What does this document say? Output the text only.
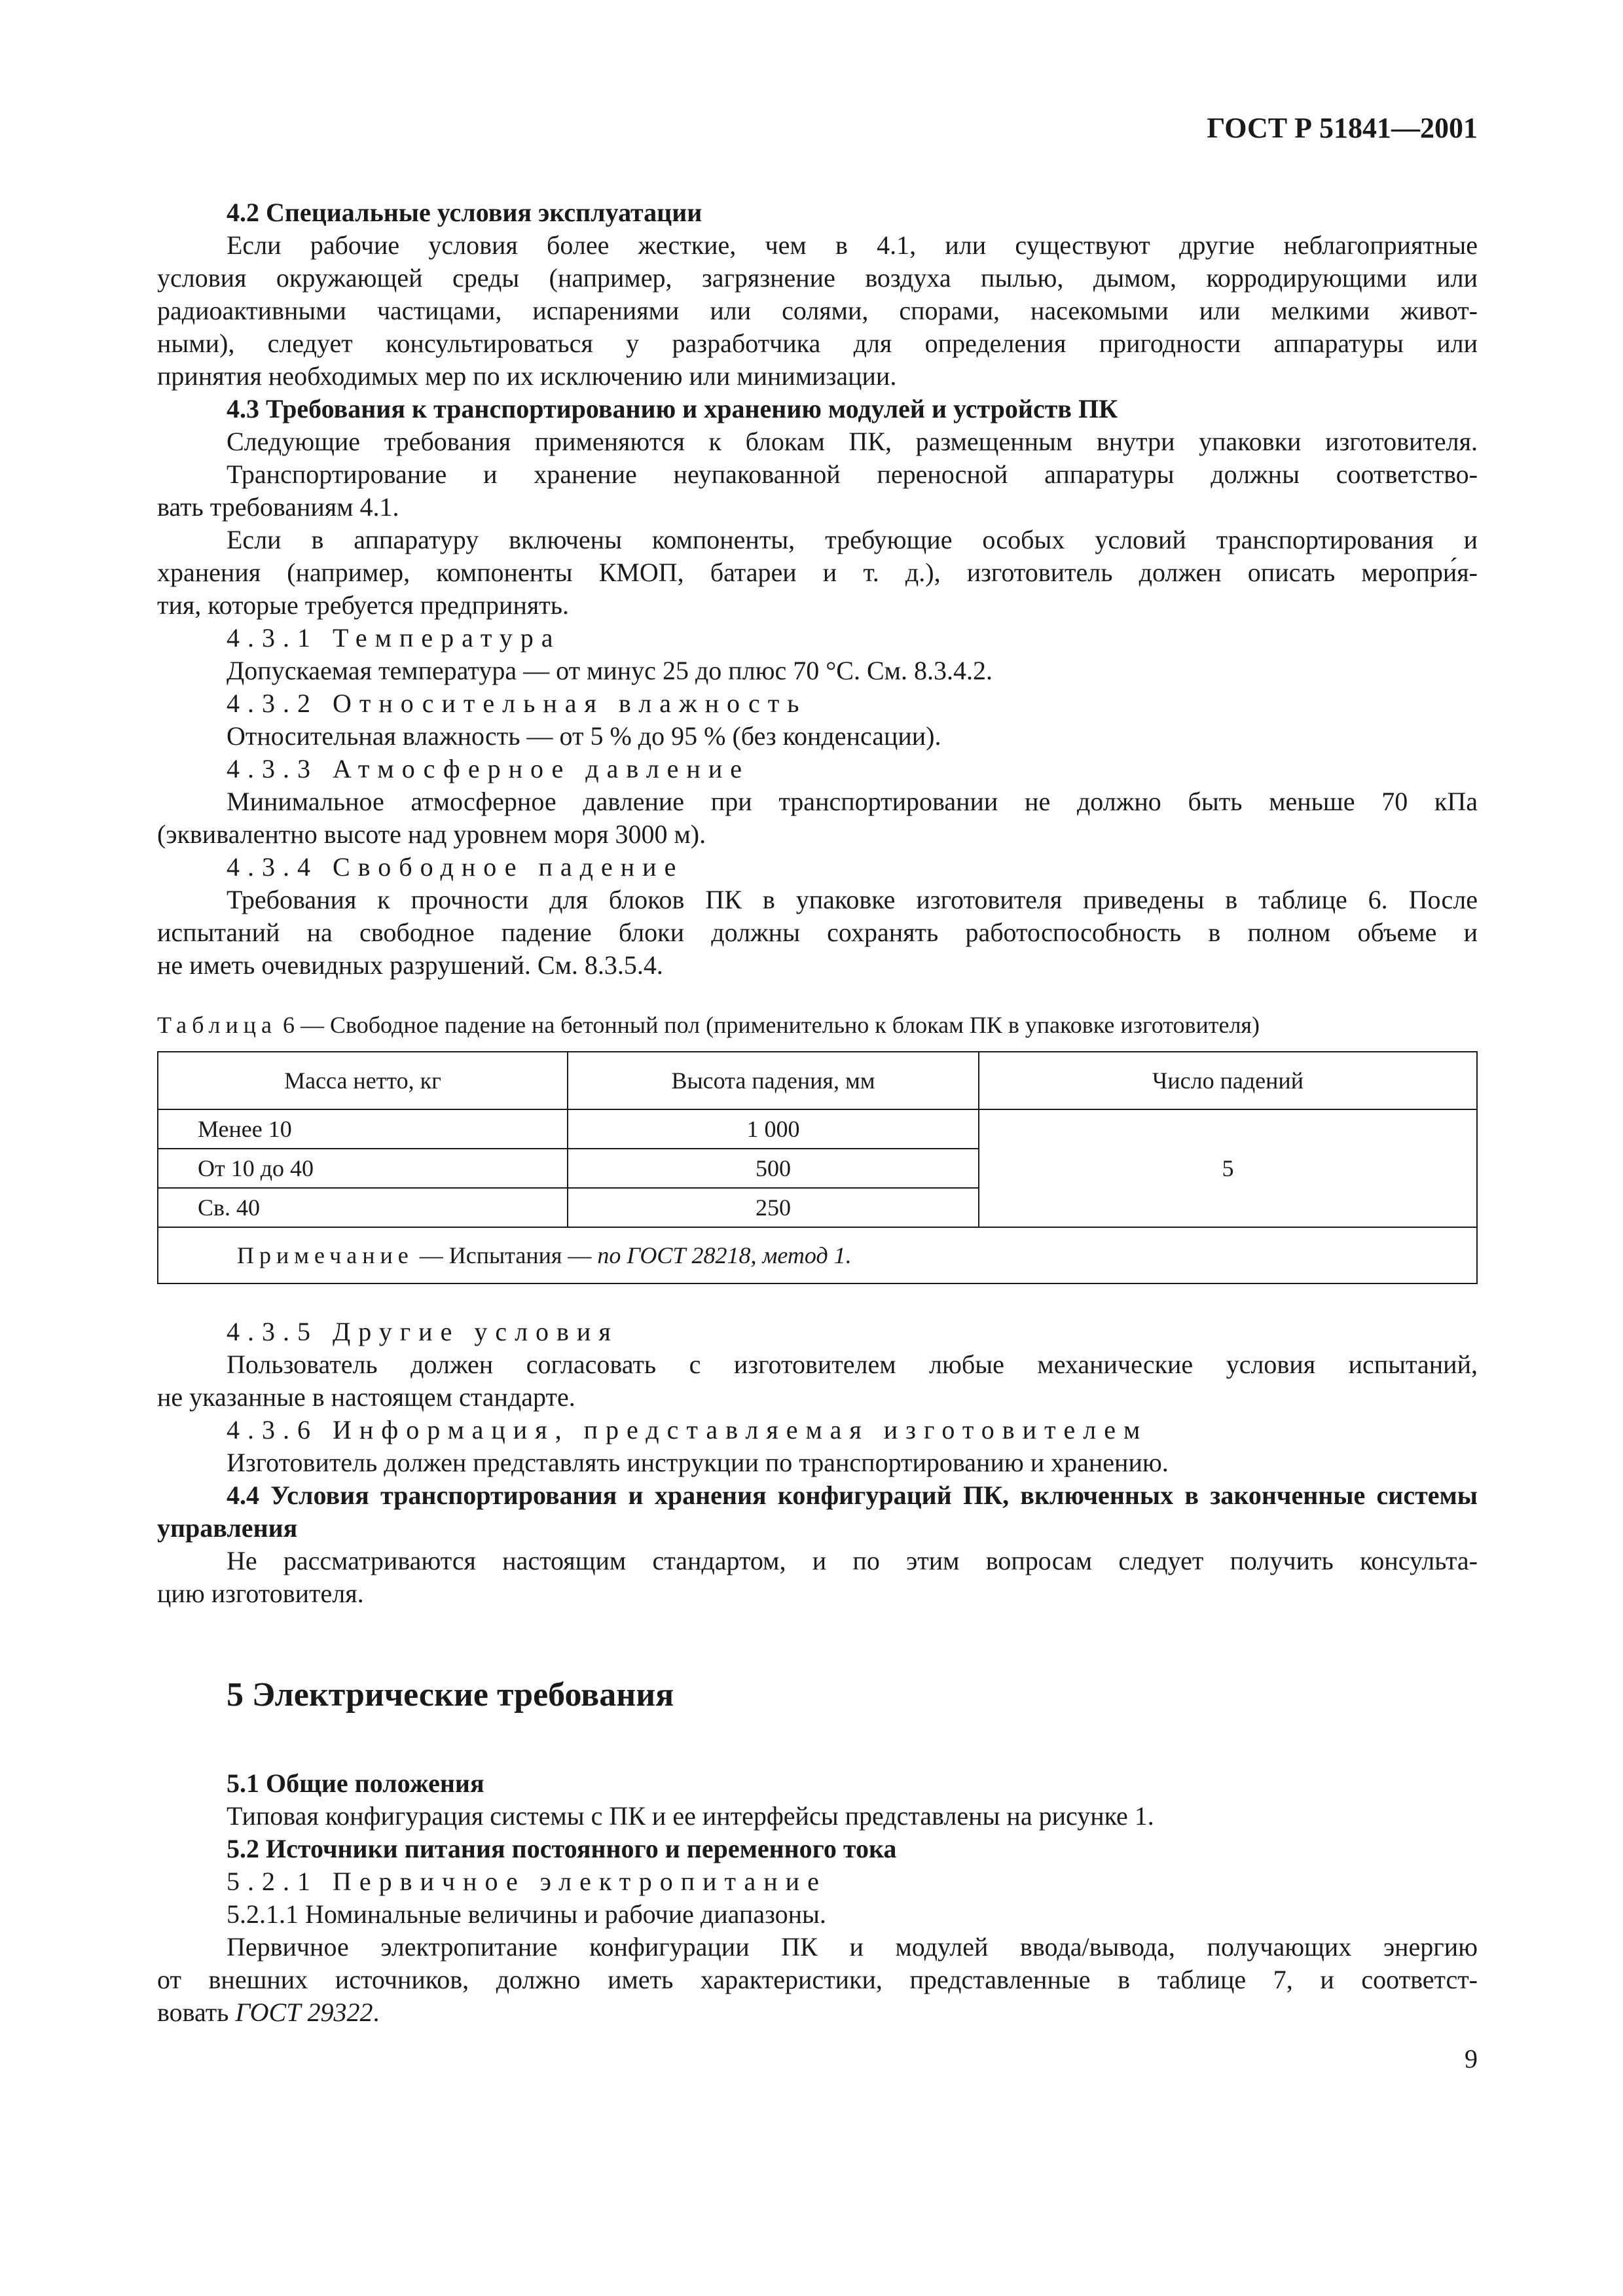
ГОСТ Р 51841—2001
4.2 Специальные условия эксплуатации
Если рабочие условия более жесткие, чем в 4.1, или существуют другие неблагоприятные
условия окружающей среды (например, загрязнение воздуха пылью, дымом, корродирующими или
радиоактивными частицами, испарениями или солями, спорами, насекомыми или мелкими живот-
ными), следует консультироваться у разработчика для определения пригодности аппаратуры или
принятия необходимых мер по их исключению или минимизации.
4.3 Требования к транспортированию и хранению модулей и устройств ПК
Следующие требования применяются к блокам ПК, размещенным внутри упаковки изготовителя.
Транспортирование и хранение неупакованной переносной аппаратуры должны соответство-
вать требованиям 4.1.
Если в аппаратуру включены компоненты, требующие особых условий транспортирования и
хранения (например, компоненты КМОП, батареи и т. д.), изготовитель должен описать меропри́я-
тия, которые требуется предпринять.
4.3.1 Температура
Допускаемая температура — от минус 25 до плюс 70 °С. См. 8.3.4.2.
4.3.2 Относительная влажность
Относительная влажность — от 5 % до 95 % (без конденсации).
4.3.3 Атмосферное давление
Минимальное атмосферное давление при транспортировании не должно быть меньше 70 кПа
(эквивалентно высоте над уровнем моря 3000 м).
4.3.4 Свободное падение
Требования к прочности для блоков ПК в упаковке изготовителя приведены в таблице 6. После
испытаний на свободное падение блоки должны сохранять работоспособность в полном объеме и
не иметь очевидных разрушений. См. 8.3.5.4.
4.3.5 Другие условия
Пользователь должен согласовать с изготовителем любые механические условия испытаний,
не указанные в настоящем стандарте.
4.3.6 Информация, представляемая изготовителем
Изготовитель должен представлять инструкции по транспортированию и хранению.
4.4 Условия транспортирования и хранения конфигураций ПК, включенных в законченные системы
управления
Не рассматриваются настоящим стандартом, и по этим вопросам следует получить консульта-
цию изготовителя.
5.1 Общие положения
Типовая конфигурация системы с ПК и ее интерфейсы представлены на рисунке 1.
5.2 Источники питания постоянного и переменного тока
5.2.1 Первичное электропитание
5.2.1.1 Номинальные величины и рабочие диапазоны.
Первичное электропитание конфигурации ПК и модулей ввода/вывода, получающих энергию
от внешних источников, должно иметь характеристики, представленные в таблице 7, и соответст-
Таблица 6 — Свободное падение на бетонный пол (применительно к блокам ПК в упаковке изготовителя)
Масса нетто, кг	Высота падения, мм	Число падений
Менее 10	1 000	5
От 10 до 40	500	
Св. 40	250	
Примечание — Испытания — по ГОСТ 28218, метод 1.		
5 Электрические требования
вовать ГОСТ 29322.
9
